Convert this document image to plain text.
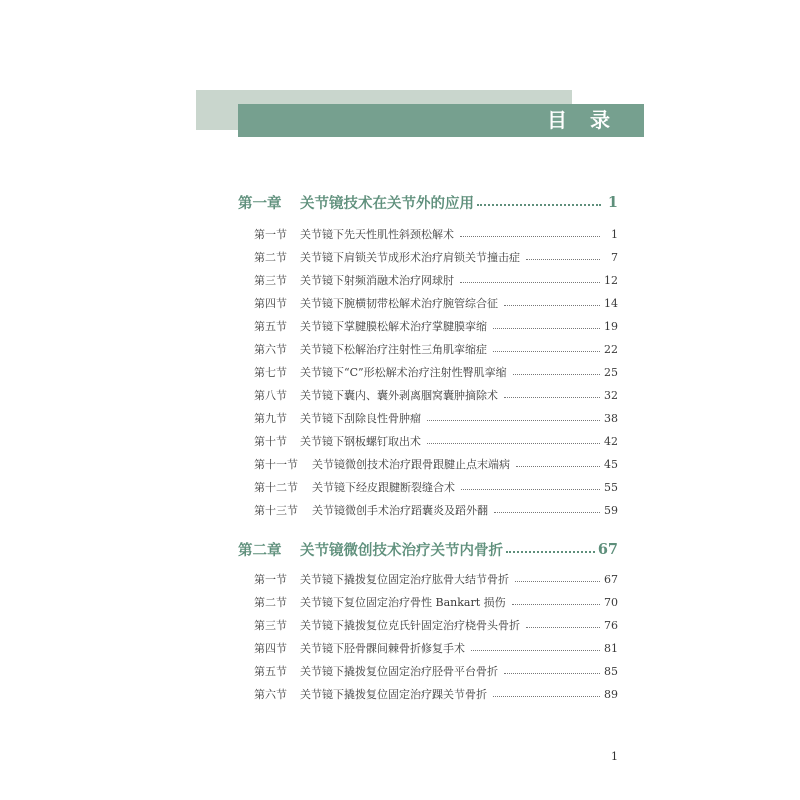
目 录
第一章	关节镜技术在关节外的应用	1
第一节	关节镜下先天性肌性斜颈松解术	1
第二节	关节镜下肩锁关节成形术治疗肩锁关节撞击症	7
第三节	关节镜下射频消融术治疗网球肘	12
第四节	关节镜下腕横韧带松解术治疗腕管综合征	14
第五节	关节镜下掌腱膜松解术治疗掌腱膜挛缩	19
第六节	关节镜下松解治疗注射性三角肌挛缩症	22
第七节	关节镜下“C”形松解术治疗注射性臀肌挛缩	25
第八节	关节镜下囊内、囊外剥离腘窝囊肿摘除术	32
第九节	关节镜下刮除良性骨肿瘤	38
第十节	关节镜下钢板螺钉取出术	42
第十一节	关节镜微创技术治疗跟骨跟腱止点末端病	45
第十二节	关节镜下经皮跟腱断裂缝合术	55
第十三节	关节镜微创手术治疗蹈囊炎及蹈外翻	59
第二章	关节镜微创技术治疗关节内骨折	67
第一节	关节镜下撬拨复位固定治疗肱骨大结节骨折	67
第二节	关节镜下复位固定治疗骨性 Bankart 损伤	70
第三节	关节镜下撬拨复位克氏针固定治疗桡骨头骨折	76
第四节	关节镜下胫骨髁间棘骨折修复手术	81
第五节	关节镜下撬拨复位固定治疗胫骨平台骨折	85
第六节	关节镜下撬拨复位固定治疗踝关节骨折	89
1
